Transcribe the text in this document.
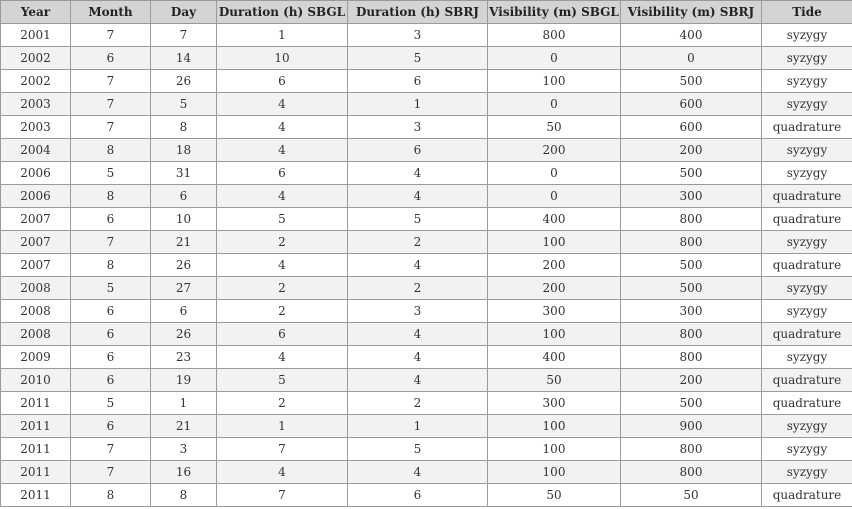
Year	Month	Day	Duration (h) SBGL	Duration (h) SBRJ	Visibility (m) SBGL	Visibility (m) SBRJ	Tide
2001	7	7	1	3	800	400	syzygy
2002	6	14	10	5	0	0	syzygy
2002	7	26	6	6	100	500	syzygy
2003	7	5	4	1	0	600	syzygy
2003	7	8	4	3	50	600	quadrature
2004	8	18	4	6	200	200	syzygy
2006	5	31	6	4	0	500	syzygy
2006	8	6	4	4	0	300	quadrature
2007	6	10	5	5	400	800	quadrature
2007	7	21	2	2	100	800	syzygy
2007	8	26	4	4	200	500	quadrature
2008	5	27	2	2	200	500	syzygy
2008	6	6	2	3	300	300	syzygy
2008	6	26	6	4	100	800	quadrature
2009	6	23	4	4	400	800	syzygy
2010	6	19	5	4	50	200	quadrature
2011	5	1	2	2	300	500	quadrature
2011	6	21	1	1	100	900	syzygy
2011	7	3	7	5	100	800	syzygy
2011	7	16	4	4	100	800	syzygy
2011	8	8	7	6	50	50	quadrature
